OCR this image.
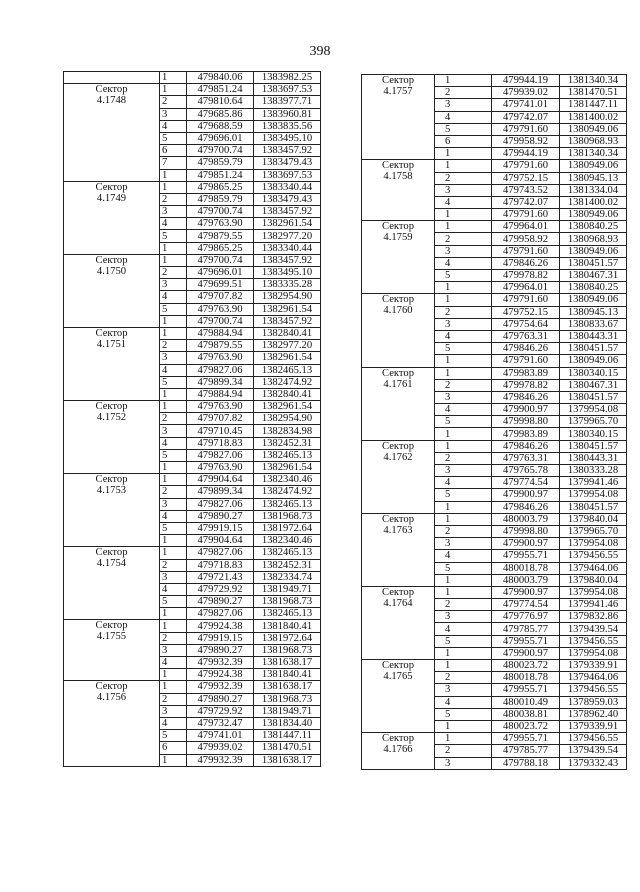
398
	1	479840.06	1383982.25

Сектор
4.1748	1	479851.24	1383697.53
	2	479810.64	1383977.71
	3	479685.86	1383960.81
	4	479688.59	1383835.56
	5	479696.01	1383495.10
	6	479700.74	1383457.92
	7	479859.79	1383479.43
	1	479851.24	1383697.53

Сектор
4.1749	1	479865.25	1383340.44
	2	479859.79	1383479.43
	3	479700.74	1383457.92
	4	479763.90	1382961.54
	5	479879.55	1382977.20
	1	479865.25	1383340.44

Сектор
4.1750	1	479700.74	1383457.92
	2	479696.01	1383495.10
	3	479699.51	1383335.28
	4	479707.82	1382954.90
	5	479763.90	1382961.54
	1	479700.74	1383457.92

Сектор
4.1751	1	479884.94	1382840.41
	2	479879.55	1382977.20
	3	479763.90	1382961.54
	4	479827.06	1382465.13
	5	479899.34	1382474.92
	1	479884.94	1382840.41

Сектор
4.1752	1	479763.90	1382961.54
	2	479707.82	1382954.90
	3	479710.45	1382834.98
	4	479718.83	1382452.31
	5	479827.06	1382465.13
	1	479763.90	1382961.54

Сектор
4.1753	1	479904.64	1382340.46
	2	479899.34	1382474.92
	3	479827.06	1382465.13
	4	479890.27	1381968.73
	5	479919.15	1381972.64
	1	479904.64	1382340.46

Сектор
4.1754	1	479827.06	1382465.13
	2	479718.83	1382452.31
	3	479721.43	1382334.74
	4	479729.92	1381949.71
	5	479890.27	1381968.73
	1	479827.06	1382465.13

Сектор
4.1755	1	479924.38	1381840.41
	2	479919.15	1381972.64
	3	479890.27	1381968.73
	4	479932.39	1381638.17
	1	479924.38	1381840.41

Сектор
4.1756	1	479932.39	1381638.17
	2	479890.27	1381968.73
	3	479729.92	1381949.71
	4	479732.47	1381834.40
	5	479741.01	1381447.11
	6	479939.02	1381470.51
	1	479932.39	1381638.17
Сектор
4.1757	1	479944.19	1381340.34
	2	479939.02	1381470.51
	3	479741.01	1381447.11
	4	479742.07	1381400.02
	5	479791.60	1380949.06
	6	479958.92	1380968.93
	1	479944.19	1381340.34

Сектор
4.1758	1	479791.60	1380949.06
	2	479752.15	1380945.13
	3	479743.52	1381334.04
	4	479742.07	1381400.02
	1	479791.60	1380949.06

Сектор
4.1759	1	479964.01	1380840.25
	2	479958.92	1380968.93
	3	479791.60	1380949.06
	4	479846.26	1380451.57
	5	479978.82	1380467.31
	1	479964.01	1380840.25

Сектор
4.1760	1	479791.60	1380949.06
	2	479752.15	1380945.13
	3	479754.64	1380833.67
	4	479763.31	1380443.31
	5	479846.26	1380451.57
	1	479791.60	1380949.06

Сектор
4.1761	1	479983.89	1380340.15
	2	479978.82	1380467.31
	3	479846.26	1380451.57
	4	479900.97	1379954.08
	5	479998.80	1379965.70
	1	479983.89	1380340.15

Сектор
4.1762	1	479846.26	1380451.57
	2	479763.31	1380443.31
	3	479765.78	1380333.28
	4	479774.54	1379941.46
	5	479900.97	1379954.08
	1	479846.26	1380451.57

Сектор
4.1763	1	480003.79	1379840.04
	2	479998.80	1379965.70
	3	479900.97	1379954.08
	4	479955.71	1379456.55
	5	480018.78	1379464.06
	1	480003.79	1379840.04

Сектор
4.1764	1	479900.97	1379954.08
	2	479774.54	1379941.46
	3	479776.97	1379832.86
	4	479785.77	1379439.54
	5	479955.71	1379456.55
	1	479900.97	1379954.08

Сектор
4.1765	1	480023.72	1379339.91
	2	480018.78	1379464.06
	3	479955.71	1379456.55
	4	480010.49	1378959.03
	5	480038.81	1378962.40
	1	480023.72	1379339.91

Сектор
4.1766	1	479955.71	1379456.55
	2	479785.77	1379439.54
	3	479788.18	1379332.43
